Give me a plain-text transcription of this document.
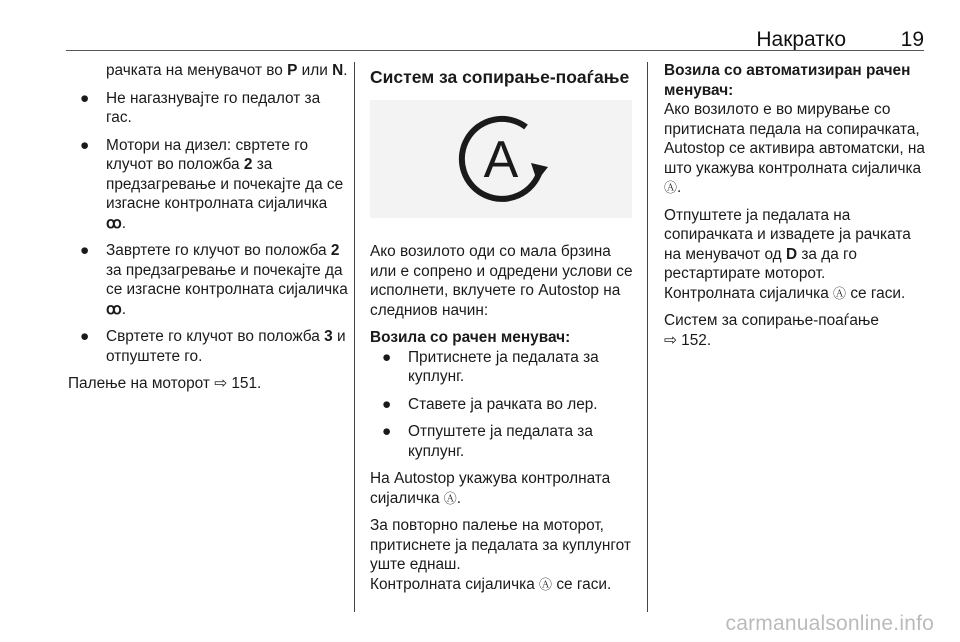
Накратко	19
рачката на менувачот во P или N.
● Не нагазнувајте го педалот за гас.
● Мотори на дизел: свртете го клучот во положба 2 за предзагревање и почекајте да се изгасне контролната сијаличка ꝏ.
● Завртете го клучот во положба 2 за предзагревање и почекајте да се изгасне контролната сијаличка ꝏ.
● Свртете го клучот во положба 3 и отпуштете го.
Палење на моторот ⇨ 151.
Систем за сопирање-поаѓање
A
Ако возилото оди со мала брзина или е сопрено и одредени услови се исполнети, вклучете го Autostop на следниов начин:
Возила со рачен менувач:
● Притиснете ја педалата за куплунг.
● Ставете ја рачката во лер.
● Отпуштете ја педалата за куплунг.
На Autostop укажува контролната сијаличка Ⓐ.
За повторно палење на моторот, притиснете ја педалата за куплунгот уште еднаш.
Контролната сијаличка Ⓐ се гаси.
Возила со автоматизиран рачен менувач:
Ако возилото е во мирување со притисната педала на сопирачката, Autostop се активира автоматски, на што укажува контролната сијаличка Ⓐ.
Отпуштете ја педалата на сопирачката и извадете ја рачката на менувачот од D за да го рестартирате моторот.
Контролната сијаличка Ⓐ се гаси.
Систем за сопирање-поаѓање
⇨ 152.
carmanualsonline.info
